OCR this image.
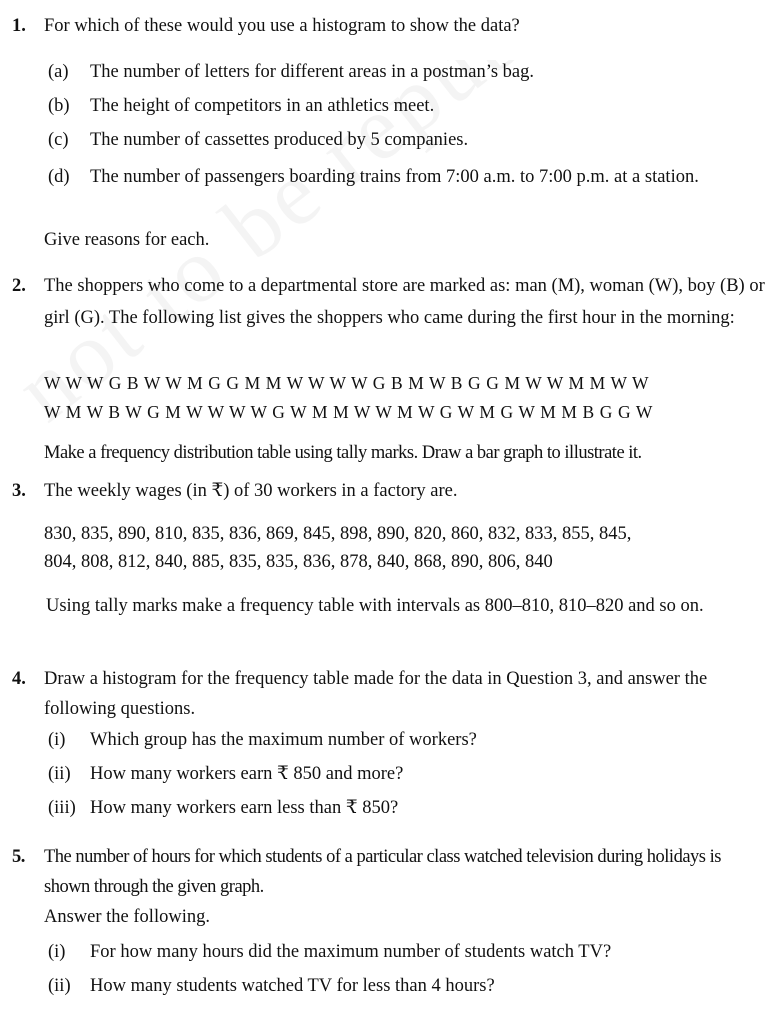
1. For which of these would you use a histogram to show the data?
(a) The number of letters for different areas in a postman’s bag.
(b) The height of competitors in an athletics meet.
(c) The number of cassettes produced by 5 companies.
(d) The number of passengers boarding trains from 7:00 a.m. to 7:00 p.m. at a station.
Give reasons for each.
2. The shoppers who come to a departmental store are marked as: man (M), woman (W), boy (B) or girl (G). The following list gives the shoppers who came during the first hour in the morning:
W W W G B W W M G G M M W W W W G B M W B G G M W W M M W W
W M W B W G M W W W W G W M M W W M W G W M G W M M B G G W
Make a frequency distribution table using tally marks. Draw a bar graph to illustrate it.
3. The weekly wages (in ₹) of 30 workers in a factory are.
830, 835, 890, 810, 835, 836, 869, 845, 898, 890, 820, 860, 832, 833, 855, 845,
804, 808, 812, 840, 885, 835, 835, 836, 878, 840, 868, 890, 806, 840
Using tally marks make a frequency table with intervals as 800–810, 810–820 and so on.
4. Draw a histogram for the frequency table made for the data in Question 3, and answer the following questions.
(i) Which group has the maximum number of workers?
(ii) How many workers earn ₹ 850 and more?
(iii) How many workers earn less than ₹ 850?
5. The number of hours for which students of a particular class watched television during holidays is shown through the given graph.
Answer the following.
(i) For how many hours did the maximum number of students watch TV?
(ii) How many students watched TV for less than 4 hours?
